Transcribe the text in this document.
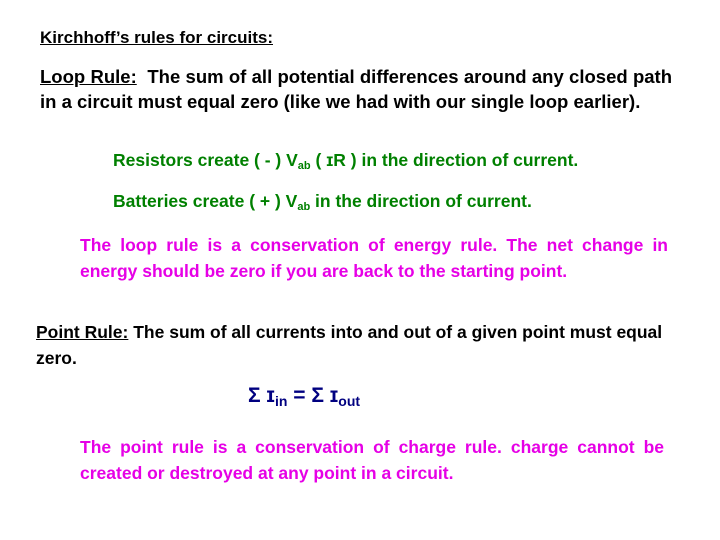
Kirchhoff’s rules for circuits:
Loop Rule: The sum of all potential differences around any closed path in a circuit must equal zero (like we had with our single loop earlier).
Resistors create ( - ) $V_{ab}$ ( ɪR ) in the direction of current.
Batteries create ( + ) $V_{ab}$ in the direction of current.
The loop rule is a conservation of energy rule. The net change in energy should be zero if you are back to the starting point.
Point Rule: The sum of all currents into and out of a given point must equal zero.
Σ ɪ$_{in}$ = Σ ɪ$_{out}$
The point rule is a conservation of charge rule. charge cannot be created or destroyed at any point in a circuit.
